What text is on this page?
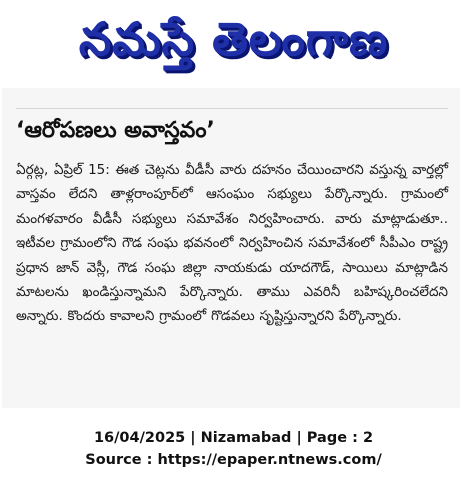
నమస్తే తెలంగాణ
‘ఆరోపణలు అవాస్తవం’
ఏర్గట్ల, ఏప్రిల్ 15: ఈత చెట్లను వీడీసీ వారు దహనం చేయించారని వస్తున్న వార్తల్లో వాస్తవం లేదని తాళ్లరాంపూర్‌లో ఆసంఘం సభ్యులు పేర్కొన్నారు. గ్రామంలో మంగళవారం వీడీసీ సభ్యులు సమావేశం నిర్వహించారు. వారు మాట్లాడుతూ.. ఇటీవల గ్రామంలోని గౌడ సంఘ భవనంలో నిర్వహించిన సమావేశంలో సీపీఎం రాష్ట్ర ప్రధాన జాన్ వెస్లీ, గౌడ సంఘ జిల్లా నాయకుడు యాదగౌడ్, సాయిలు మాట్లాడిన మాటలను ఖండిస్తున్నామని పేర్కొన్నారు. తాము ఎవరినీ బహిష్కరించలేదని అన్నారు. కొందరు కావాలని గ్రామంలో గొడవలు సృష్టిస్తున్నారని పేర్కొన్నారు.
16/04/2025 | Nizamabad | Page : 2
Source : https://epaper.ntnews.com/
